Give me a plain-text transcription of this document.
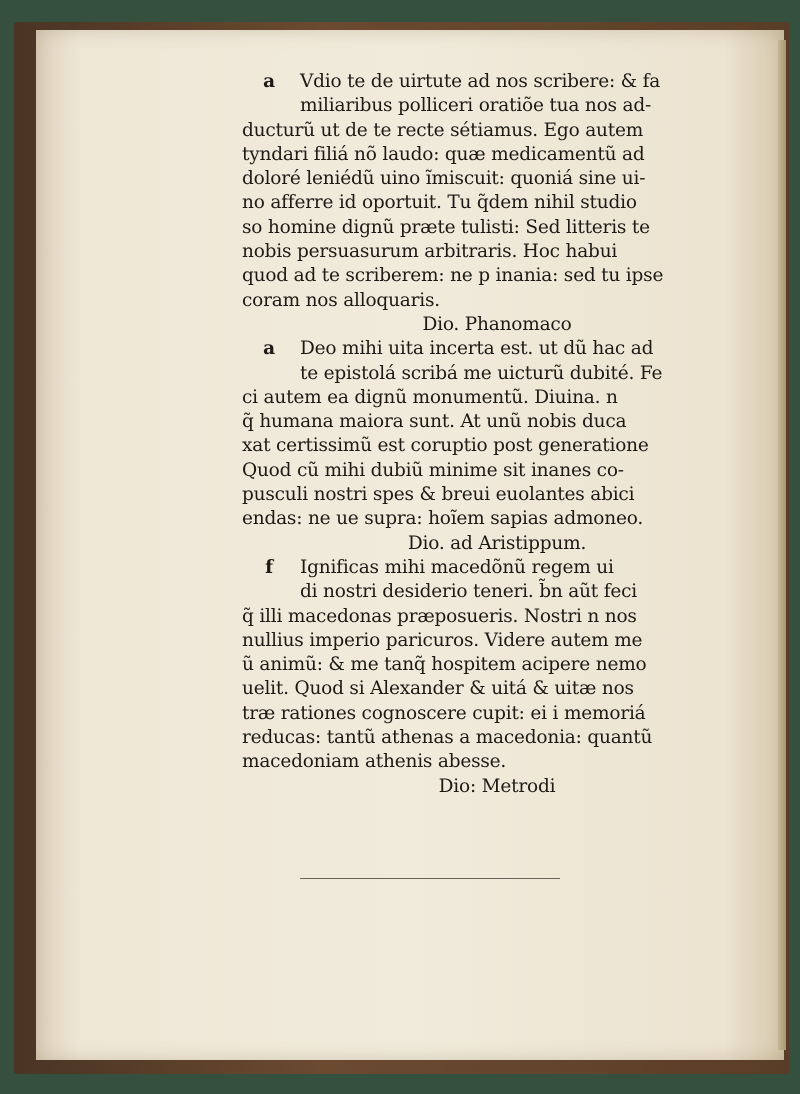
a Vdio te de uirtute ad nos scribere: & fa
miliaribus polliceri oratiõe tua nos ad-
ducturũ ut de te recte sétiamus. Ego autem
tyndari filiá nõ laudo: quæ medicamentũ ad
doloré leniédũ uino ĩmiscuit: quoniá sine ui-
no afferre id oportuit. Tu q̃dem nihil studio
so homine dignũ præte tulisti: Sed litteris te
nobis persuasurum arbitraris. Hoc habui
quod ad te scriberem: ne p inania: sed tu ipse
coram nos alloquaris.
Dio. Phanomaco
a Deo mihi uita incerta est. ut dũ hac ad
te epistolá scribá me uicturũ dubité. Fe
ci autem ea dignũ monumentũ. Diuina. n
q̃ humana maiora sunt. At unũ nobis duca
xat certissimũ est coruptio post generatione
Quod cũ mihi dubiũ minime sit inanes co-
pusculi nostri spes & breui euolantes abici
endas: ne ue supra: hoĩem sapias admoneo.
Dio. ad Aristippum.
f Ignificas mihi macedõnũ regem ui
di nostri desiderio teneri. b̃n aũt feci
q̃ illi macedonas præposueris. Nostri n nos
nullius imperio paricuros. Videre autem me
ũ animũ: & me tanq̃ hospitem acipere nemo
uelit. Quod si Alexander & uitá & uitæ nos
træ rationes cognoscere cupit: ei i memoriá
reducas: tantũ athenas a macedonia: quantũ
macedoniam athenis abesse.
Dio: Metrodi
